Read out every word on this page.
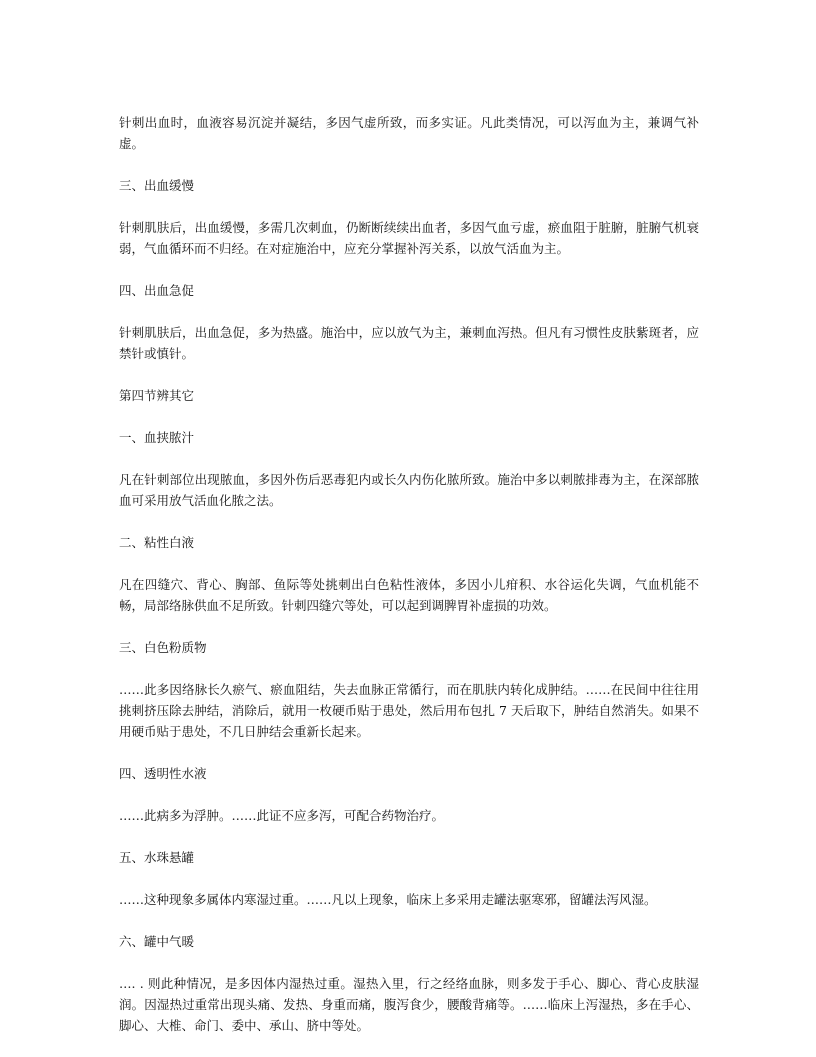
针刺出血时，血液容易沉淀并凝结，多因气虚所致，而多实证。凡此类情况，可以泻血为主，兼调气补虚。

三、出血缓慢

针刺肌肤后，出血缓慢，多需几次刺血，仍断断续续出血者，多因气血亏虚，瘀血阻于脏腑，脏腑气机衰弱，气血循环而不归经。在对症施治中，应充分掌握补泻关系，以放气活血为主。

四、出血急促

针刺肌肤后，出血急促，多为热盛。施治中，应以放气为主，兼刺血泻热。但凡有习惯性皮肤紫斑者，应禁针或慎针。

第四节辨其它

一、血挟脓汁

凡在针刺部位出现脓血，多因外伤后恶毒犯内或长久内伤化脓所致。施治中多以刺脓排毒为主，在深部脓血可采用放气活血化脓之法。

二、粘性白液

凡在四缝穴、背心、胸部、鱼际等处挑刺出白色粘性液体，多因小儿疳积、水谷运化失调，气血机能不畅，局部络脉供血不足所致。针刺四缝穴等处，可以起到调脾胃补虚损的功效。

三、白色粉质物

……此多因络脉长久瘀气、瘀血阻结，失去血脉正常循行，而在肌肤内转化成肿结。……在民间中往往用挑刺挤压除去肿结，消除后，就用一枚硬币贴于患处，然后用布包扎 7 天后取下，肿结自然消失。如果不用硬币贴于患处，不几日肿结会重新长起来。

四、透明性水液

……此病多为浮肿。……此证不应多泻，可配合药物治疗。

五、水珠悬罐

……这种现象多属体内寒湿过重。……凡以上现象，临床上多采用走罐法驱寒邪，留罐法泻风湿。

六、罐中气暖

…. . 则此种情况，是多因体内湿热过重。湿热入里，行之经络血脉，则多发于手心、脚心、背心皮肤湿润。因湿热过重常出现头痛、发热、身重而痛，腹泻食少，腰酸背痛等。……临床上泻湿热，多在手心、脚心、大椎、命门、委中、承山、脐中等处。
